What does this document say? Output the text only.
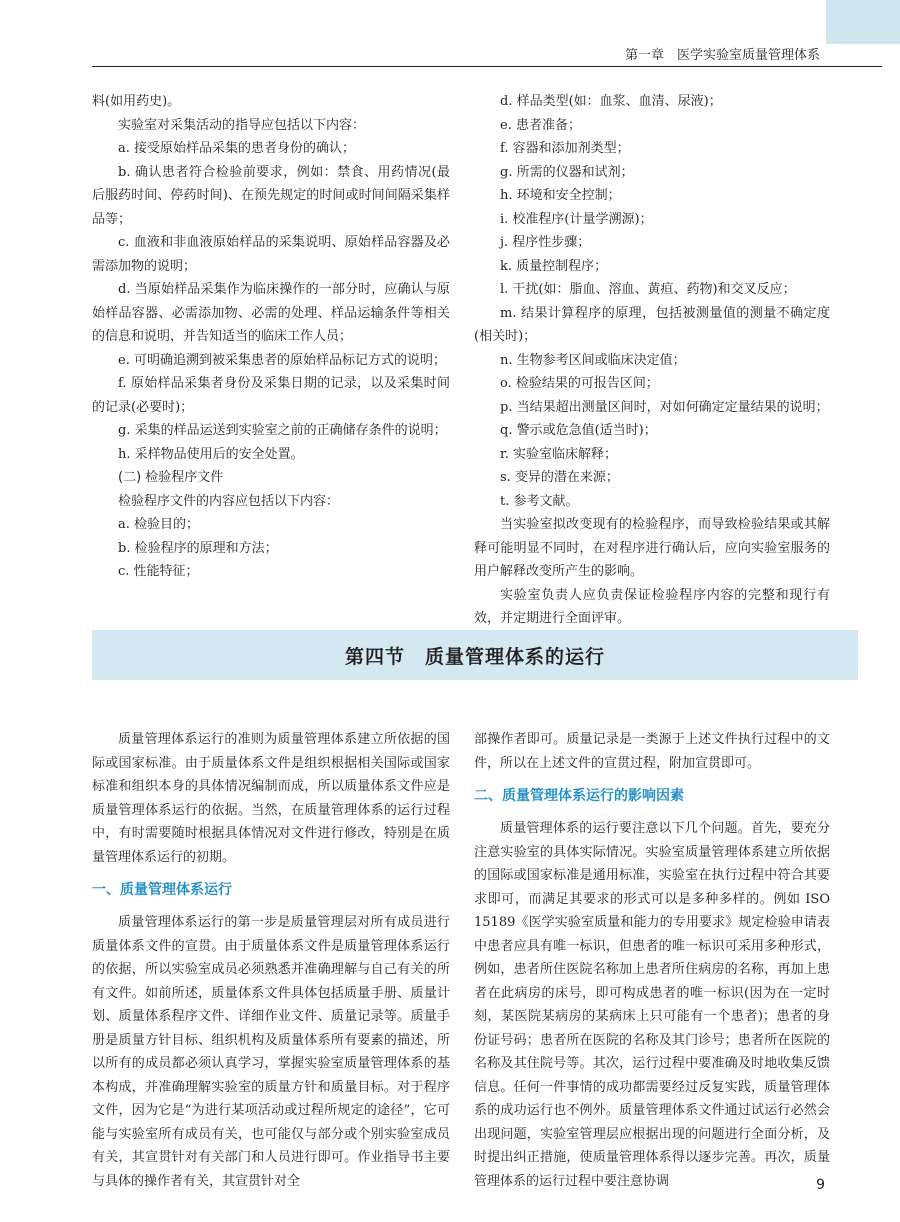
第一章　医学实验室质量管理体系

料(如用药史)。

实验室对采集活动的指导应包括以下内容：

a. 接受原始样品采集的患者身份的确认；

b. 确认患者符合检验前要求，例如：禁食、用药情况(最后服药时间、停药时间)、在预先规定的时间或时间间隔采集样品等；

c. 血液和非血液原始样品的采集说明、原始样品容器及必需添加物的说明；

d. 当原始样品采集作为临床操作的一部分时，应确认与原始样品容器、必需添加物、必需的处理、样品运输条件等相关的信息和说明，并告知适当的临床工作人员；

e. 可明确追溯到被采集患者的原始样品标记方式的说明；

f. 原始样品采集者身份及采集日期的记录，以及采集时间的记录(必要时)；

g. 采集的样品运送到实验室之前的正确储存条件的说明；

h. 采样物品使用后的安全处置。

(二) 检验程序文件

检验程序文件的内容应包括以下内容：

a. 检验目的；

b. 检验程序的原理和方法；

c. 性能特征；

d. 样品类型(如：血浆、血清、尿液)；

e. 患者准备；

f. 容器和添加剂类型；

g. 所需的仪器和试剂；

h. 环境和安全控制；

i. 校准程序(计量学溯源)；

j. 程序性步骤；

k. 质量控制程序；

l. 干扰(如：脂血、溶血、黄疸、药物)和交叉反应；

m. 结果计算程序的原理，包括被测量值的测量不确定度(相关时)；

n. 生物参考区间或临床决定值；

o. 检验结果的可报告区间；

p. 当结果超出测量区间时，对如何确定定量结果的说明；

q. 警示或危急值(适当时)；

r. 实验室临床解释；

s. 变异的潜在来源；

t. 参考文献。

当实验室拟改变现有的检验程序，而导致检验结果或其解释可能明显不同时，在对程序进行确认后，应向实验室服务的用户解释改变所产生的影响。

实验室负责人应负责保证检验程序内容的完整和现行有效，并定期进行全面评审。

第四节　质量管理体系的运行

质量管理体系运行的准则为质量管理体系建立所依据的国际或国家标准。由于质量体系文件是组织根据相关国际或国家标准和组织本身的具体情况编制而成，所以质量体系文件应是质量管理体系运行的依据。当然，在质量管理体系的运行过程中，有时需要随时根据具体情况对文件进行修改，特别是在质量管理体系运行的初期。

一、质量管理体系运行

质量管理体系运行的第一步是质量管理层对所有成员进行质量体系文件的宣贯。由于质量体系文件是质量管理体系运行的依据，所以实验室成员必须熟悉并准确理解与自己有关的所有文件。如前所述，质量体系文件具体包括质量手册、质量计划、质量体系程序文件、详细作业文件、质量记录等。质量手册是质量方针目标、组织机构及质量体系所有要素的描述，所以所有的成员都必须认真学习，掌握实验室质量管理体系的基本构成，并准确理解实验室的质量方针和质量目标。对于程序文件，因为它是“为进行某项活动或过程所规定的途径”，它可能与实验室所有成员有关，也可能仅与部分或个别实验室成员有关，其宣贯针对有关部门和人员进行即可。作业指导书主要与具体的操作者有关，其宣贯针对全

部操作者即可。质量记录是一类源于上述文件执行过程中的文件，所以在上述文件的宣贯过程，附加宣贯即可。

二、质量管理体系运行的影响因素

质量管理体系的运行要注意以下几个问题。首先，要充分注意实验室的具体实际情况。实验室质量管理体系建立所依据的国际或国家标准是通用标准，实验室在执行过程中符合其要求即可，而满足其要求的形式可以是多种多样的。例如 ISO 15189《医学实验室质量和能力的专用要求》规定检验申请表中患者应具有唯一标识，但患者的唯一标识可采用多种形式，例如，患者所住医院名称加上患者所住病房的名称，再加上患者在此病房的床号，即可构成患者的唯一标识(因为在一定时刻，某医院某病房的某病床上只可能有一个患者)；患者的身份证号码；患者所在医院的名称及其门诊号；患者所在医院的名称及其住院号等。其次，运行过程中要准确及时地收集反馈信息。任何一件事情的成功都需要经过反复实践，质量管理体系的成功运行也不例外。质量管理体系文件通过试运行必然会出现问题，实验室管理层应根据出现的问题进行全面分析，及时提出纠正措施，使质量管理体系得以逐步完善。再次，质量管理体系的运行过程中要注意协调	9
